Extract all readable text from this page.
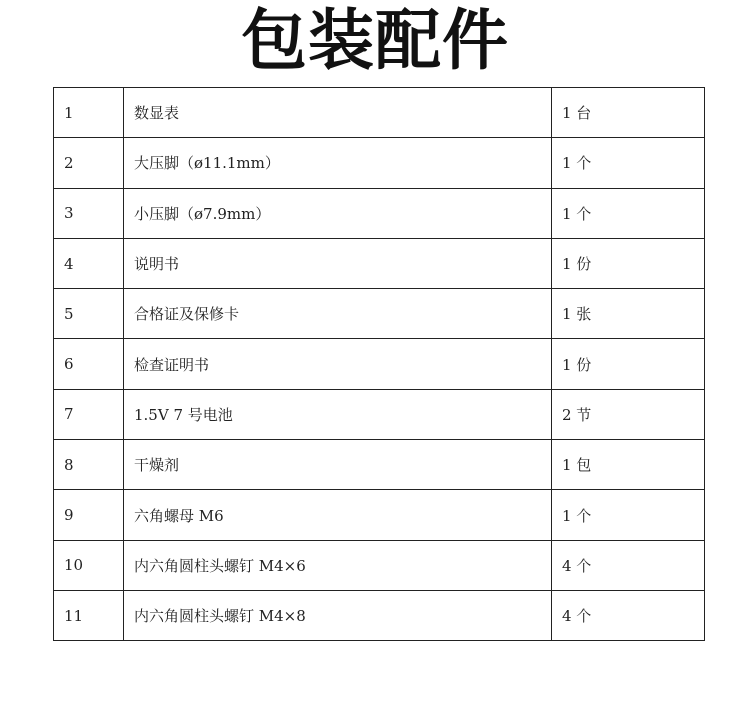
包装配件
1	数显表	1 台
2	大压脚（ø11.1mm）	1 个
3	小压脚（ø7.9mm）	1 个
4	说明书	1 份
5	合格证及保修卡	1 张
6	检查证明书	1 份
7	1.5V 7 号电池	2 节
8	干燥剂	1 包
9	六角螺母 M6	1 个
10	内六角圆柱头螺钉 M4×6	4 个
11	内六角圆柱头螺钉 M4×8	4 个
